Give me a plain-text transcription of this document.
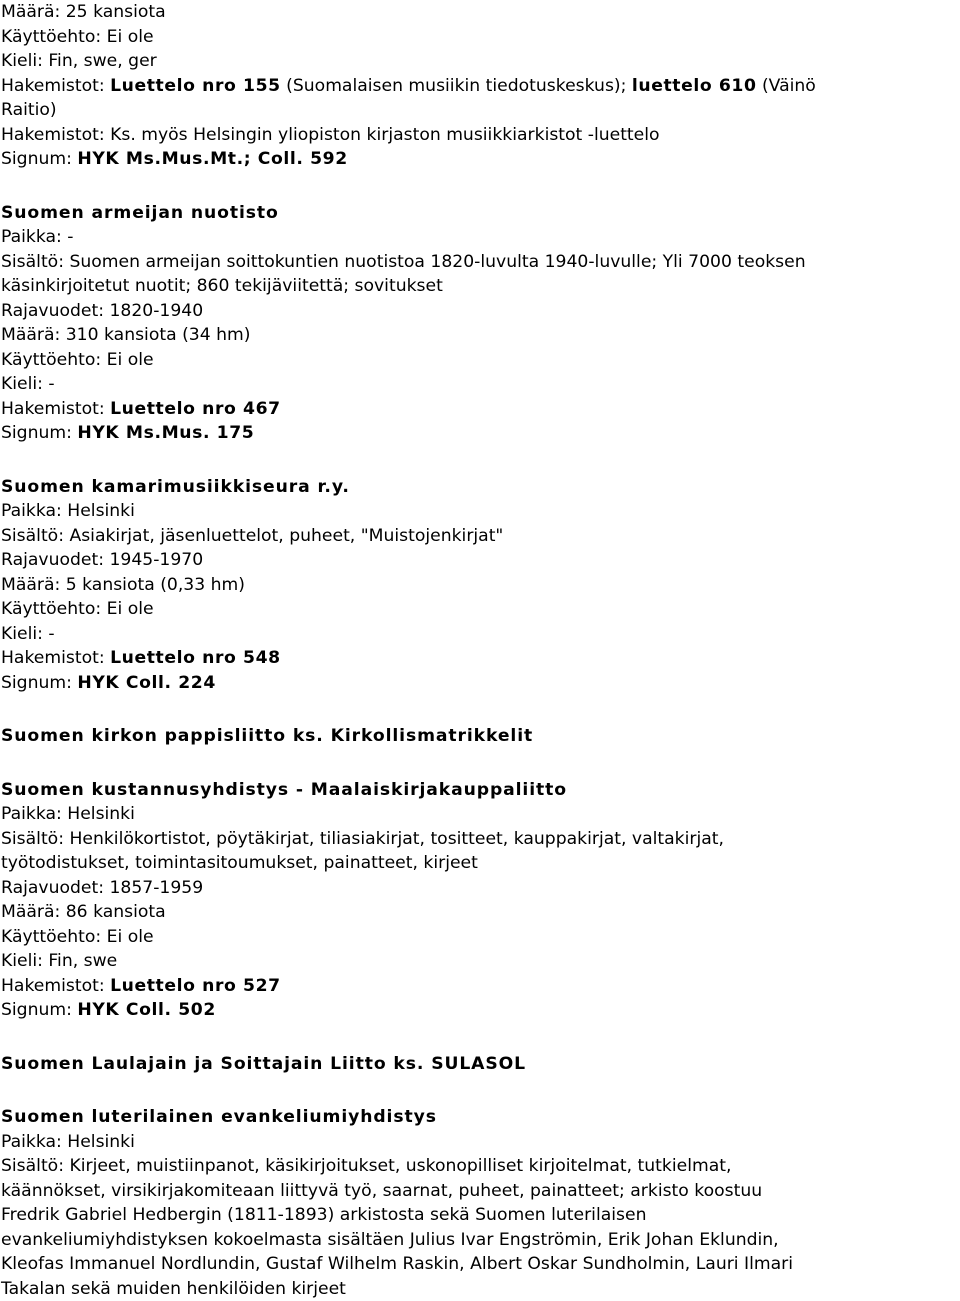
Määrä: 25 kansiota
Käyttöehto: Ei ole
Kieli: Fin, swe, ger
Hakemistot: Luettelo nro 155 (Suomalaisen musiikin tiedotuskeskus); luettelo 610 (Väinö
Raitio)
Hakemistot: Ks. myös Helsingin yliopiston kirjaston musiikkiarkistot -luettelo
Signum: HYK Ms.Mus.Mt.; Coll. 592
Suomen armeijan nuotisto
Paikka: -
Sisältö: Suomen armeijan soittokuntien nuotistoa 1820-luvulta 1940-luvulle; Yli 7000 teoksen
käsinkirjoitetut nuotit; 860 tekijäviitettä; sovitukset
Rajavuodet: 1820-1940
Määrä: 310 kansiota (34 hm)
Käyttöehto: Ei ole
Kieli: -
Hakemistot: Luettelo nro 467
Signum: HYK Ms.Mus. 175
Suomen kamarimusiikkiseura r.y.
Paikka: Helsinki
Sisältö: Asiakirjat, jäsenluettelot, puheet, "Muistojenkirjat"
Rajavuodet: 1945-1970
Määrä: 5 kansiota (0,33 hm)
Käyttöehto: Ei ole
Kieli: -
Hakemistot: Luettelo nro 548
Signum: HYK Coll. 224
Suomen kirkon pappisliitto ks. Kirkollismatrikkelit
Suomen kustannusyhdistys - Maalaiskirjakauppaliitto
Paikka: Helsinki
Sisältö: Henkilökortistot, pöytäkirjat, tiliasiakirjat, tositteet, kauppakirjat, valtakirjat,
työtodistukset, toimintasitoumukset, painatteet, kirjeet
Rajavuodet: 1857-1959
Määrä: 86 kansiota
Käyttöehto: Ei ole
Kieli: Fin, swe
Hakemistot: Luettelo nro 527
Signum: HYK Coll. 502
Suomen Laulajain ja Soittajain Liitto ks. SULASOL
Suomen luterilainen evankeliumiyhdistys
Paikka: Helsinki
Sisältö: Kirjeet, muistiinpanot, käsikirjoitukset, uskonopilliset kirjoitelmat, tutkielmat,
käännökset, virsikirjakomiteaan liittyvä työ, saarnat, puheet, painatteet; arkisto koostuu
Fredrik Gabriel Hedbergin (1811-1893) arkistosta sekä Suomen luterilaisen
evankeliumiyhdistyksen kokoelmasta sisältäen Julius Ivar Engströmin, Erik Johan Eklundin,
Kleofas Immanuel Nordlundin, Gustaf Wilhelm Raskin, Albert Oskar Sundholmin, Lauri Ilmari
Takalan sekä muiden henkilöiden kirjeet
